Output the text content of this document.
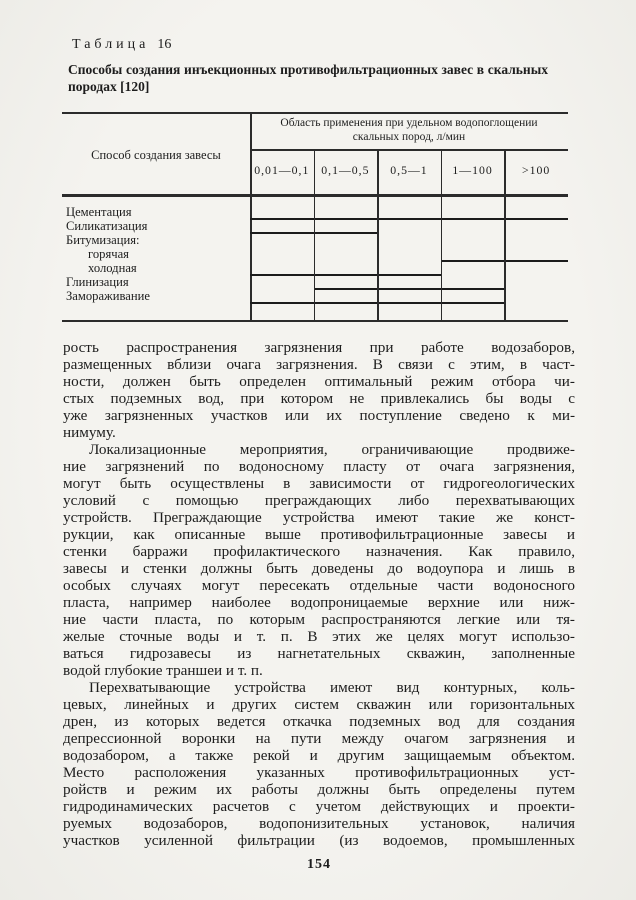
Таблица 16
Способы создания инъекционных противофильтрационных завес в скальных
породах [120]
Способ создания завесы
Область применения при удельном водопоглощении
скальных пород, л/мин
0,01—0,1	0,1—0,5	0,5—1	1—100	>100
Цементация
Силикатизация
Битумизация:
горячая
холодная
Глинизация
Замораживание
рость распространения загрязнения при работе водозаборов,
размещенных вблизи очага загрязнения. В связи с этим, в част-
ности, должен быть определен оптимальный режим отбора чи-
стых подземных вод, при котором не привлекались бы воды с
уже загрязненных участков или их поступление сведено к ми-
нимуму.
Локализационные мероприятия, ограничивающие продвиже-
ние загрязнений по водоносному пласту от очага загрязнения,
могут быть осуществлены в зависимости от гидрогеологических
условий с помощью преграждающих либо перехватывающих
устройств. Преграждающие устройства имеют такие же конст-
рукции, как описанные выше противофильтрационные завесы и
стенки барражи профилактического назначения. Как правило,
завесы и стенки должны быть доведены до водоупора и лишь в
особых случаях могут пересекать отдельные части водоносного
пласта, например наиболее водопроницаемые верхние или ниж-
ние части пласта, по которым распространяются легкие или тя-
желые сточные воды и т. п. В этих же целях могут использо-
ваться гидрозавесы из нагнетательных скважин, заполненные
водой глубокие траншеи и т. п.
Перехватывающие устройства имеют вид контурных, коль-
цевых, линейных и других систем скважин или горизонтальных
дрен, из которых ведется откачка подземных вод для создания
депрессионной воронки на пути между очагом загрязнения и
водозабором, а также рекой и другим защищаемым объектом.
Место расположения указанных противофильтрационных уст-
ройств и режим их работы должны быть определены путем
гидродинамических расчетов с учетом действующих и проекти-
руемых водозаборов, водопонизительных установок, наличия
участков усиленной фильтрации (из водоемов, промышленных
154
